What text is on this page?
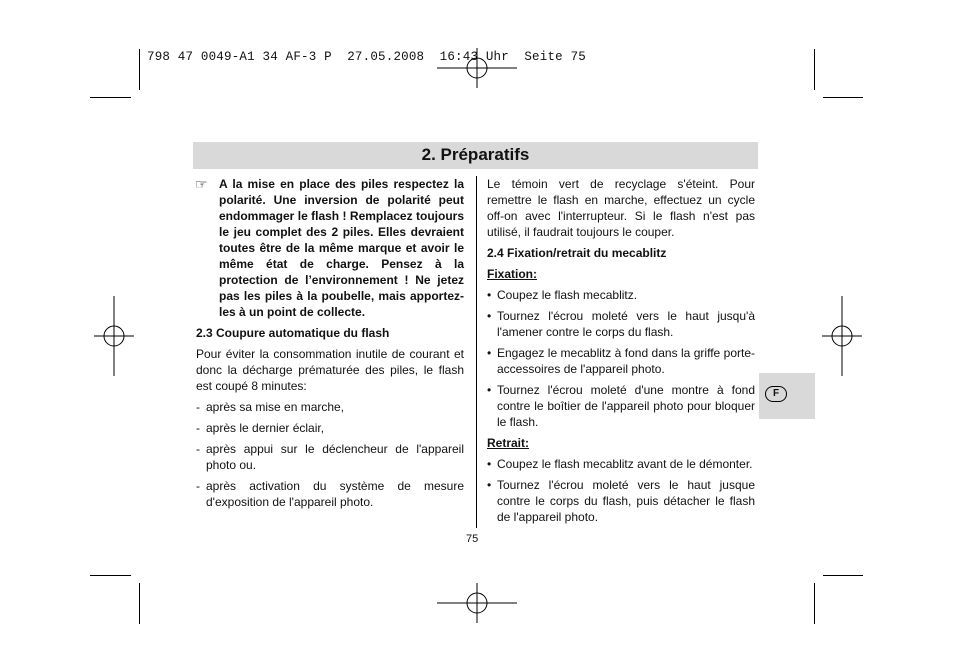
798 47 0049-A1 34 AF-3 P  27.05.2008  16:43 Uhr  Seite 75
2. Préparatifs

☞ A la mise en place des piles respectez la polarité. Une inversion de polarité peut endommager le flash ! Remplacez toujours le jeu complet des 2 piles. Elles devraient toutes être de la même marque et avoir le même état de charge. Pensez à la protection de l’environnement ! Ne jetez pas les piles à la poubelle, mais apportez-les à un point de collecte.

2.3 Coupure automatique du flash

Pour éviter la consommation inutile de courant et donc la décharge prématurée des piles, le flash est coupé 8 minutes:

- après sa mise en marche,

- après le dernier éclair,

- après appui sur le déclencheur de l'appareil photo ou.

- après activation du système de mesure d'exposition de l'appareil photo.

Le témoin vert de recyclage s'éteint. Pour remettre le flash en marche, effectuez un cycle off-on avec l'interrupteur. Si le flash n'est pas utilisé, il faudrait toujours le couper.

2.4 Fixation/retrait du mecablitz

Fixation:

• Coupez le flash mecablitz.

• Tournez l'écrou moleté vers le haut jusqu'à l'amener contre le corps du flash.

• Engagez le mecablitz à fond dans la griffe porte-accessoires de l'appareil photo.

• Tournez l'écrou moleté d'une montre à fond contre le boîtier de l'appareil photo pour bloquer le flash.

Retrait:

• Coupez le flash mecablitz avant de le démonter.

• Tournez l'écrou moleté vers le haut jusque contre le corps du flash, puis détacher le flash de l'appareil photo.

75
F
